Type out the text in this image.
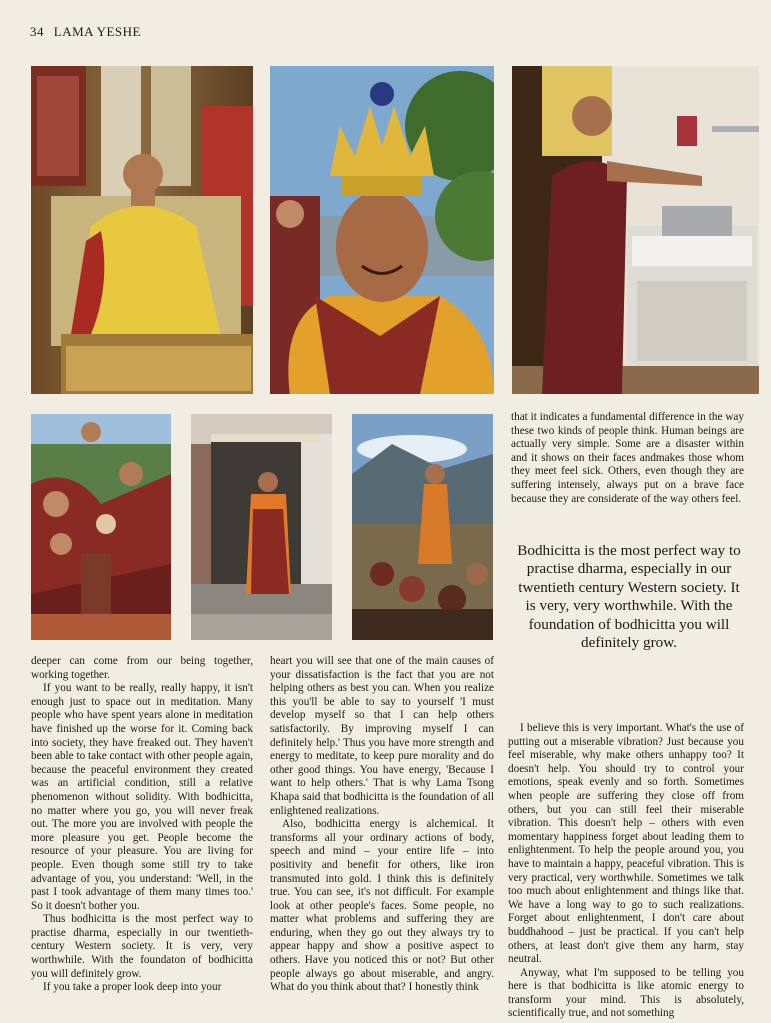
34 LAMA YESHE

that it indicates a fundamental difference in the way these two kinds of people think. Human beings are actually very simple. Some are a disaster within and it shows on their faces andmakes those whom they meet feel sick. Others, even though they are suffering intensely, always put on a brave face because they are considerate of the way others feel.

Bodhicitta is the most perfect way to practise dharma, especially in our twentieth century Western society. It is very, very worthwhile. With the foundation of bodhicitta you will definitely grow.

I believe this is very important. What's the use of putting out a miserable vibration? Just because you feel miserable, why make others unhappy too? It doesn't help. You should try to control your emotions, speak evenly and so forth. Sometimes when people are suffering they close off from others, but you can still feel their miserable vibration. This doesn't help – others with even momentary happiness forget about leading them to enlightenment. To help the people around you, you have to maintain a happy, peaceful vibration. This is very practical, very worthwhile. Sometimes we talk too much about enlightenment and things like that. We have a long way to go to such realizations. Forget about enlightenment, I don't care about buddhahood – just be practical. If you can't help others, at least don't give them any harm, stay neutral.

Anyway, what I'm supposed to be telling you here is that bodhicitta is like atomic energy to transform your mind. This is absolutely, scientifically true, and not something

deeper can come from our being together, working together.

If you want to be really, really happy, it isn't enough just to space out in meditation. Many people who have spent years alone in meditation have finished up the worse for it. Coming back into society, they have freaked out. They haven't been able to take contact with other people again, because the peaceful environment they created was an artificial condition, still a relative phenomenon without solidity. With bodhicitta, no matter where you go, you will never freak out. The more you are involved with people the more pleasure you get. People become the resource of your pleasure. You are living for people. Even though some still try to take advantage of you, you understand: 'Well, in the past I took advantage of them many times too.' So it doesn't bother you.

Thus bodhicitta is the most perfect way to practise dharma, especially in our twentieth-century Western society. It is very, very worthwhile. With the foundaton of bodhicitta you will definitely grow.

If you take a proper look deep into your

heart you will see that one of the main causes of your dissatisfaction is the fact that you are not helping others as best you can. When you realize this you'll be able to say to yourself 'I must develop myself so that I can help others satisfactorily. By improving myself I can definitely help.' Thus you have more strength and energy to meditate, to keep pure morality and do other good things. You have energy, 'Because I want to help others.' That is why Lama Tsong Khapa said that bodhicitta is the foundation of all enlightened realizations.

Also, bodhicitta energy is alchemical. It transforms all your ordinary actions of body, speech and mind – your entire life – into positivity and benefit for others, like iron transmuted into gold. I think this is definitely true. You can see, it's not difficult. For example look at other people's faces. Some people, no matter what problems and suffering they are enduring, when they go out they always try to appear happy and show a positive aspect to others. Have you noticed this or not? But other people always go about miserable, and angry. What do you think about that? I honestly think
